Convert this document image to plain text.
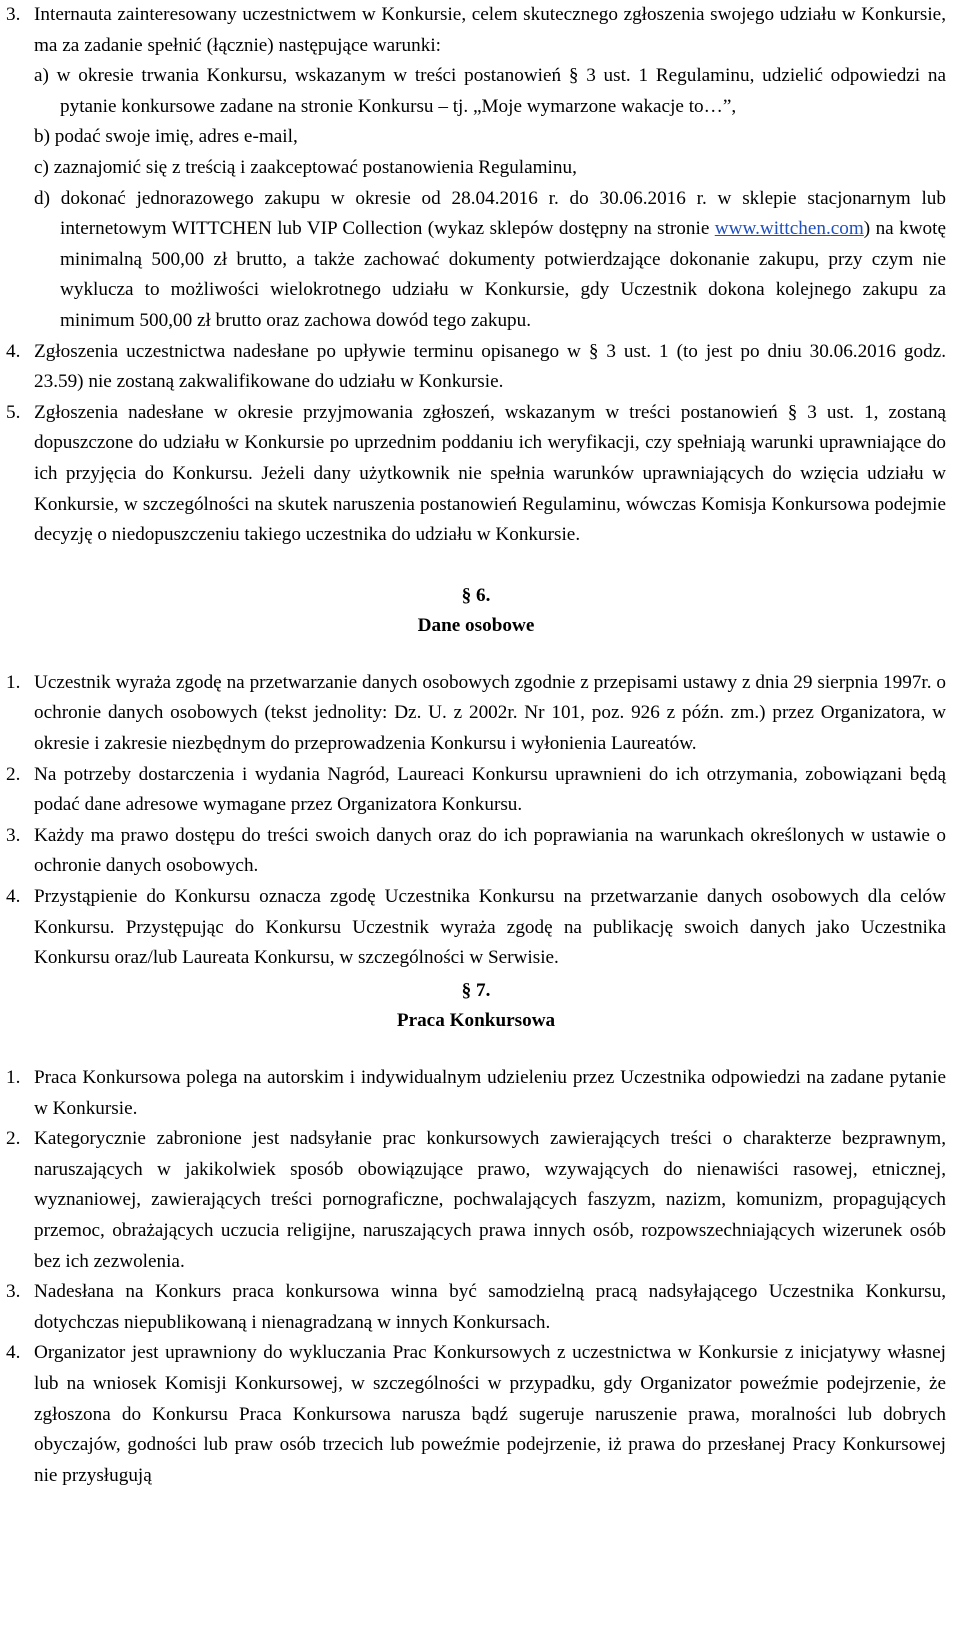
3. Internauta zainteresowany uczestnictwem w Konkursie, celem skutecznego zgłoszenia swojego udziału w Konkursie, ma za zadanie spełnić (łącznie) następujące warunki:
a) w okresie trwania Konkursu, wskazanym w treści postanowień § 3 ust. 1 Regulaminu, udzielić odpowiedzi na pytanie konkursowe zadane na stronie Konkursu – tj. „Moje wymarzone wakacje to…”,
b) podać swoje imię, adres e-mail,
c) zaznajomić się z treścią i zaakceptować postanowienia Regulaminu,
d) dokonać jednorazowego zakupu w okresie od 28.04.2016 r. do 30.06.2016 r. w sklepie stacjonarnym lub internetowym WITTCHEN lub VIP Collection (wykaz sklepów dostępny na stronie www.wittchen.com) na kwotę minimalną 500,00 zł brutto, a także zachować dokumenty potwierdzające dokonanie zakupu, przy czym nie wyklucza to możliwości wielokrotnego udziału w Konkursie, gdy Uczestnik dokona kolejnego zakupu za minimum 500,00 zł brutto oraz zachowa dowód tego zakupu.
4. Zgłoszenia uczestnictwa nadesłane po upływie terminu opisanego w § 3 ust. 1 (to jest po dniu 30.06.2016 godz. 23.59) nie zostaną zakwalifikowane do udziału w Konkursie.
5. Zgłoszenia nadesłane w okresie przyjmowania zgłoszeń, wskazanym w treści postanowień § 3 ust. 1, zostaną dopuszczone do udziału w Konkursie po uprzednim poddaniu ich weryfikacji, czy spełniają warunki uprawniające do ich przyjęcia do Konkursu. Jeżeli dany użytkownik nie spełnia warunków uprawniających do wzięcia udziału w Konkursie, w szczególności na skutek naruszenia postanowień Regulaminu, wówczas Komisja Konkursowa podejmie decyzję o niedopuszczeniu takiego uczestnika do udziału w Konkursie.

§ 6.

Dane osobowe

1. Uczestnik wyraża zgodę na przetwarzanie danych osobowych zgodnie z przepisami ustawy z dnia 29 sierpnia 1997r. o ochronie danych osobowych (tekst jednolity: Dz. U. z 2002r. Nr 101, poz. 926 z późn. zm.) przez Organizatora, w okresie i zakresie niezbędnym do przeprowadzenia Konkursu i wyłonienia Laureatów.
2. Na potrzeby dostarczenia i wydania Nagród, Laureaci Konkursu uprawnieni do ich otrzymania, zobowiązani będą podać dane adresowe wymagane przez Organizatora Konkursu.
3. Każdy ma prawo dostępu do treści swoich danych oraz do ich poprawiania na warunkach określonych w ustawie o ochronie danych osobowych.
4. Przystąpienie do Konkursu oznacza zgodę Uczestnika Konkursu na przetwarzanie danych osobowych dla celów Konkursu. Przystępując do Konkursu Uczestnik wyraża zgodę na publikację swoich danych jako Uczestnika Konkursu oraz/lub Laureata Konkursu, w szczególności w Serwisie.

§ 7.

Praca Konkursowa

1. Praca Konkursowa polega na autorskim i indywidualnym udzieleniu przez Uczestnika odpowiedzi na zadane pytanie w Konkursie.
2. Kategorycznie zabronione jest nadsyłanie prac konkursowych zawierających treści o charakterze bezprawnym, naruszających w jakikolwiek sposób obowiązujące prawo, wzywających do nienawiści rasowej, etnicznej, wyznaniowej, zawierających treści pornograficzne, pochwalających faszyzm, nazizm, komunizm, propagujących przemoc, obrażających uczucia religijne, naruszających prawa innych osób, rozpowszechniających wizerunek osób bez ich zezwolenia.
3. Nadesłana na Konkurs praca konkursowa winna być samodzielną pracą nadsyłającego Uczestnika Konkursu, dotychczas niepublikowaną i nienagradzaną w innych Konkursach.
4. Organizator jest uprawniony do wykluczania Prac Konkursowych z uczestnictwa w Konkursie z inicjatywy własnej lub na wniosek Komisji Konkursowej, w szczególności w przypadku, gdy Organizator poweźmie podejrzenie, że zgłoszona do Konkursu Praca Konkursowa narusza bądź sugeruje naruszenie prawa, moralności lub dobrych obyczajów, godności lub praw osób trzecich lub poweźmie podejrzenie, iż prawa do przesłanej Pracy Konkursowej nie przysługują
